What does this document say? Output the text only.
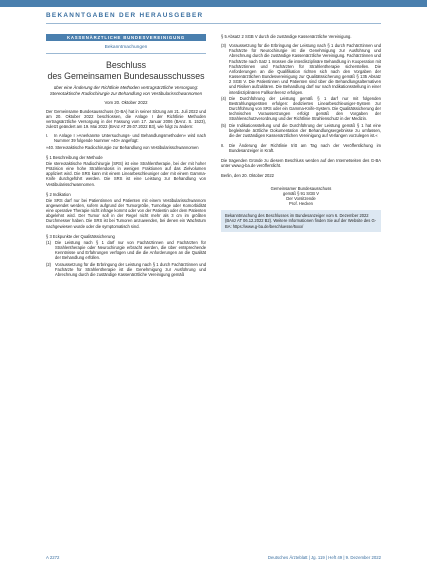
BEKANNTGABEN DER HERAUSGEBER
KASSENÄRZTLICHE BUNDESVEREINIGUNG
Bekanntmachungen
Beschluss
des Gemeinsamen Bundesausschusses
über eine Änderung der Richtlinie Methoden vertragsärztliche Versorgung: Stereotaktische Radiochirurgie zur Behandlung von Vestibularisschwannomen
Vom 20. Oktober 2022

Der Gemeinsame Bundesausschuss (G-BA) hat in seiner Sitzung am 21. Juli 2022 und am 20. Oktober 2022 beschlossen, die Anlage I der Richtlinie Methoden vertragsärztliche Versorgung in der Fassung vom 17. Januar 2006 (BAnz. S. 1523), zuletzt geändert am 19. Mai 2022 (BAnz AT 29.07.2022 B3), wie folgt zu ändern:

I.	In Anlage I »Anerkannte Untersuchungs- und Behandlungsmethoden« wird nach Nummer 39 folgende Nummer »40« angefügt:

»40. Stereotaktische Radiochirurgie zur Behandlung von Vestibularisschwannomen

§ 1 Beschreibung der Methode

Die stereotaktische Radiochirurgie (SRS) ist eine Strahlentherapie, bei der mit hoher Präzision eine hohe Strahlendosis in wenigen Fraktionen auf das Zielvolumen appliziert wird. Die SRS kann mit einem Linearbeschleuniger oder mit einem Gamma-Knife durchgeführt werden. Die SRS ist eine Leistung zur Behandlung von Vestibularisschwannomen.

§ 2 Indikation

Die SRS darf nur bei Patientinnen und Patienten mit einem Vestibularisschwannom angewendet werden, sofern aufgrund der Tumorgröße, Tumorlage oder Komorbidität eine operative Therapie nicht infrage kommt oder von der Patientin oder dem Patienten abgelehnt wird. Der Tumor soll in der Regel nicht mehr als 3 cm im größten Durchmesser haben. Die SRS ist bei Tumoren anzuwenden, bei denen ein Wachstum nachgewiesen wurde oder die symptomatisch sind.

§ 3 Eckpunkte der Qualitätssicherung
(1) Die Leistung nach § 1 darf nur von Fachärztinnen und Fachärzten für Strahlentherapie oder Neurochirurgie erbracht werden, die über entsprechende Kenntnisse und Erfahrungen verfügen und die die Anforderungen an die Qualität der Behandlung erfüllen.
(2) Voraussetzung für die Erbringung der Leistung nach § 1 durch Fachärztinnen und Fachärzte für Strahlentherapie ist die Genehmigung zur Ausführung und Abrechnung durch die zuständige Kassenärztliche Vereinigung gemäß

§ 5 Absatz 2 SGB V durch die zuständige Kassenärztliche Vereinigung.

(3) Voraussetzung für die Erbringung der Leistung nach § 1 durch Fachärztinnen und Fachärzte für Neurochirurgie ist die Genehmigung zur Ausführung und Abrechnung durch die zuständige Kassenärztliche Vereinigung. Fachärztinnen und Fachärzte nach Satz 1 müssen die interdisziplinäre Behandlung in Kooperation mit Fachärztinnen und Fachärzten für Strahlentherapie sicherstellen. Die Anforderungen an die Qualifikation richten sich nach den Vorgaben der Kassenärztlichen Bundesvereinigung zur Qualitätssicherung gemäß § 135 Absatz 2 SGB V. Die Patientinnen und Patienten sind über die Behandlungsalternativen und Risiken aufzuklären. Die Behandlung darf nur nach Indikationsstellung in einer interdisziplinären Fallkonferenz erfolgen.
(4) Die Durchführung der Leistung gemäß § 1 darf nur mit folgenden Bestrahlungsgeräten erfolgen: dediziertes Linearbeschleuniger-System zur Durchführung von SRS oder ein Gamma-Knife-System. Die Qualitätssicherung der technischen Voraussetzungen erfolgt gemäß den Vorgaben der Strahlenschutzverordnung und der Richtlinie Strahlenschutz in der Medizin.
(5) Die Indikationsstellung und die Durchführung der Leistung gemäß § 1 hat eine begleitende ärztliche Dokumentation der Behandlungsergebnisse zu umfassen, die der zuständigen Kassenärztlichen Vereinigung auf Verlangen vorzulegen ist.«
II.	Die Änderung der Richtlinie tritt am Tag nach der Veröffentlichung im Bundesanzeiger in Kraft.

Die tragenden Gründe zu diesem Beschluss werden auf den Internetseiten des G-BA unter www.g-ba.de veröffentlicht.

Berlin, den 20. Oktober 2022

Gemeinsamer Bundesausschuss

gemäß § 91 SGB V

Der Vorsitzende

Prof. Hecken

Bekanntmachung des Beschlusses im Bundesanzeiger vom 6. Dezember 2022 (BAnz AT 06.12.2022 B2). Weitere Informationen finden Sie auf der Website des G-BA: https://www.g-ba.de/beschluesse/5xxx/
A 2272	Deutsches Ärzteblatt | Jg. 119 | Heft 49 | 9. Dezember 2022
